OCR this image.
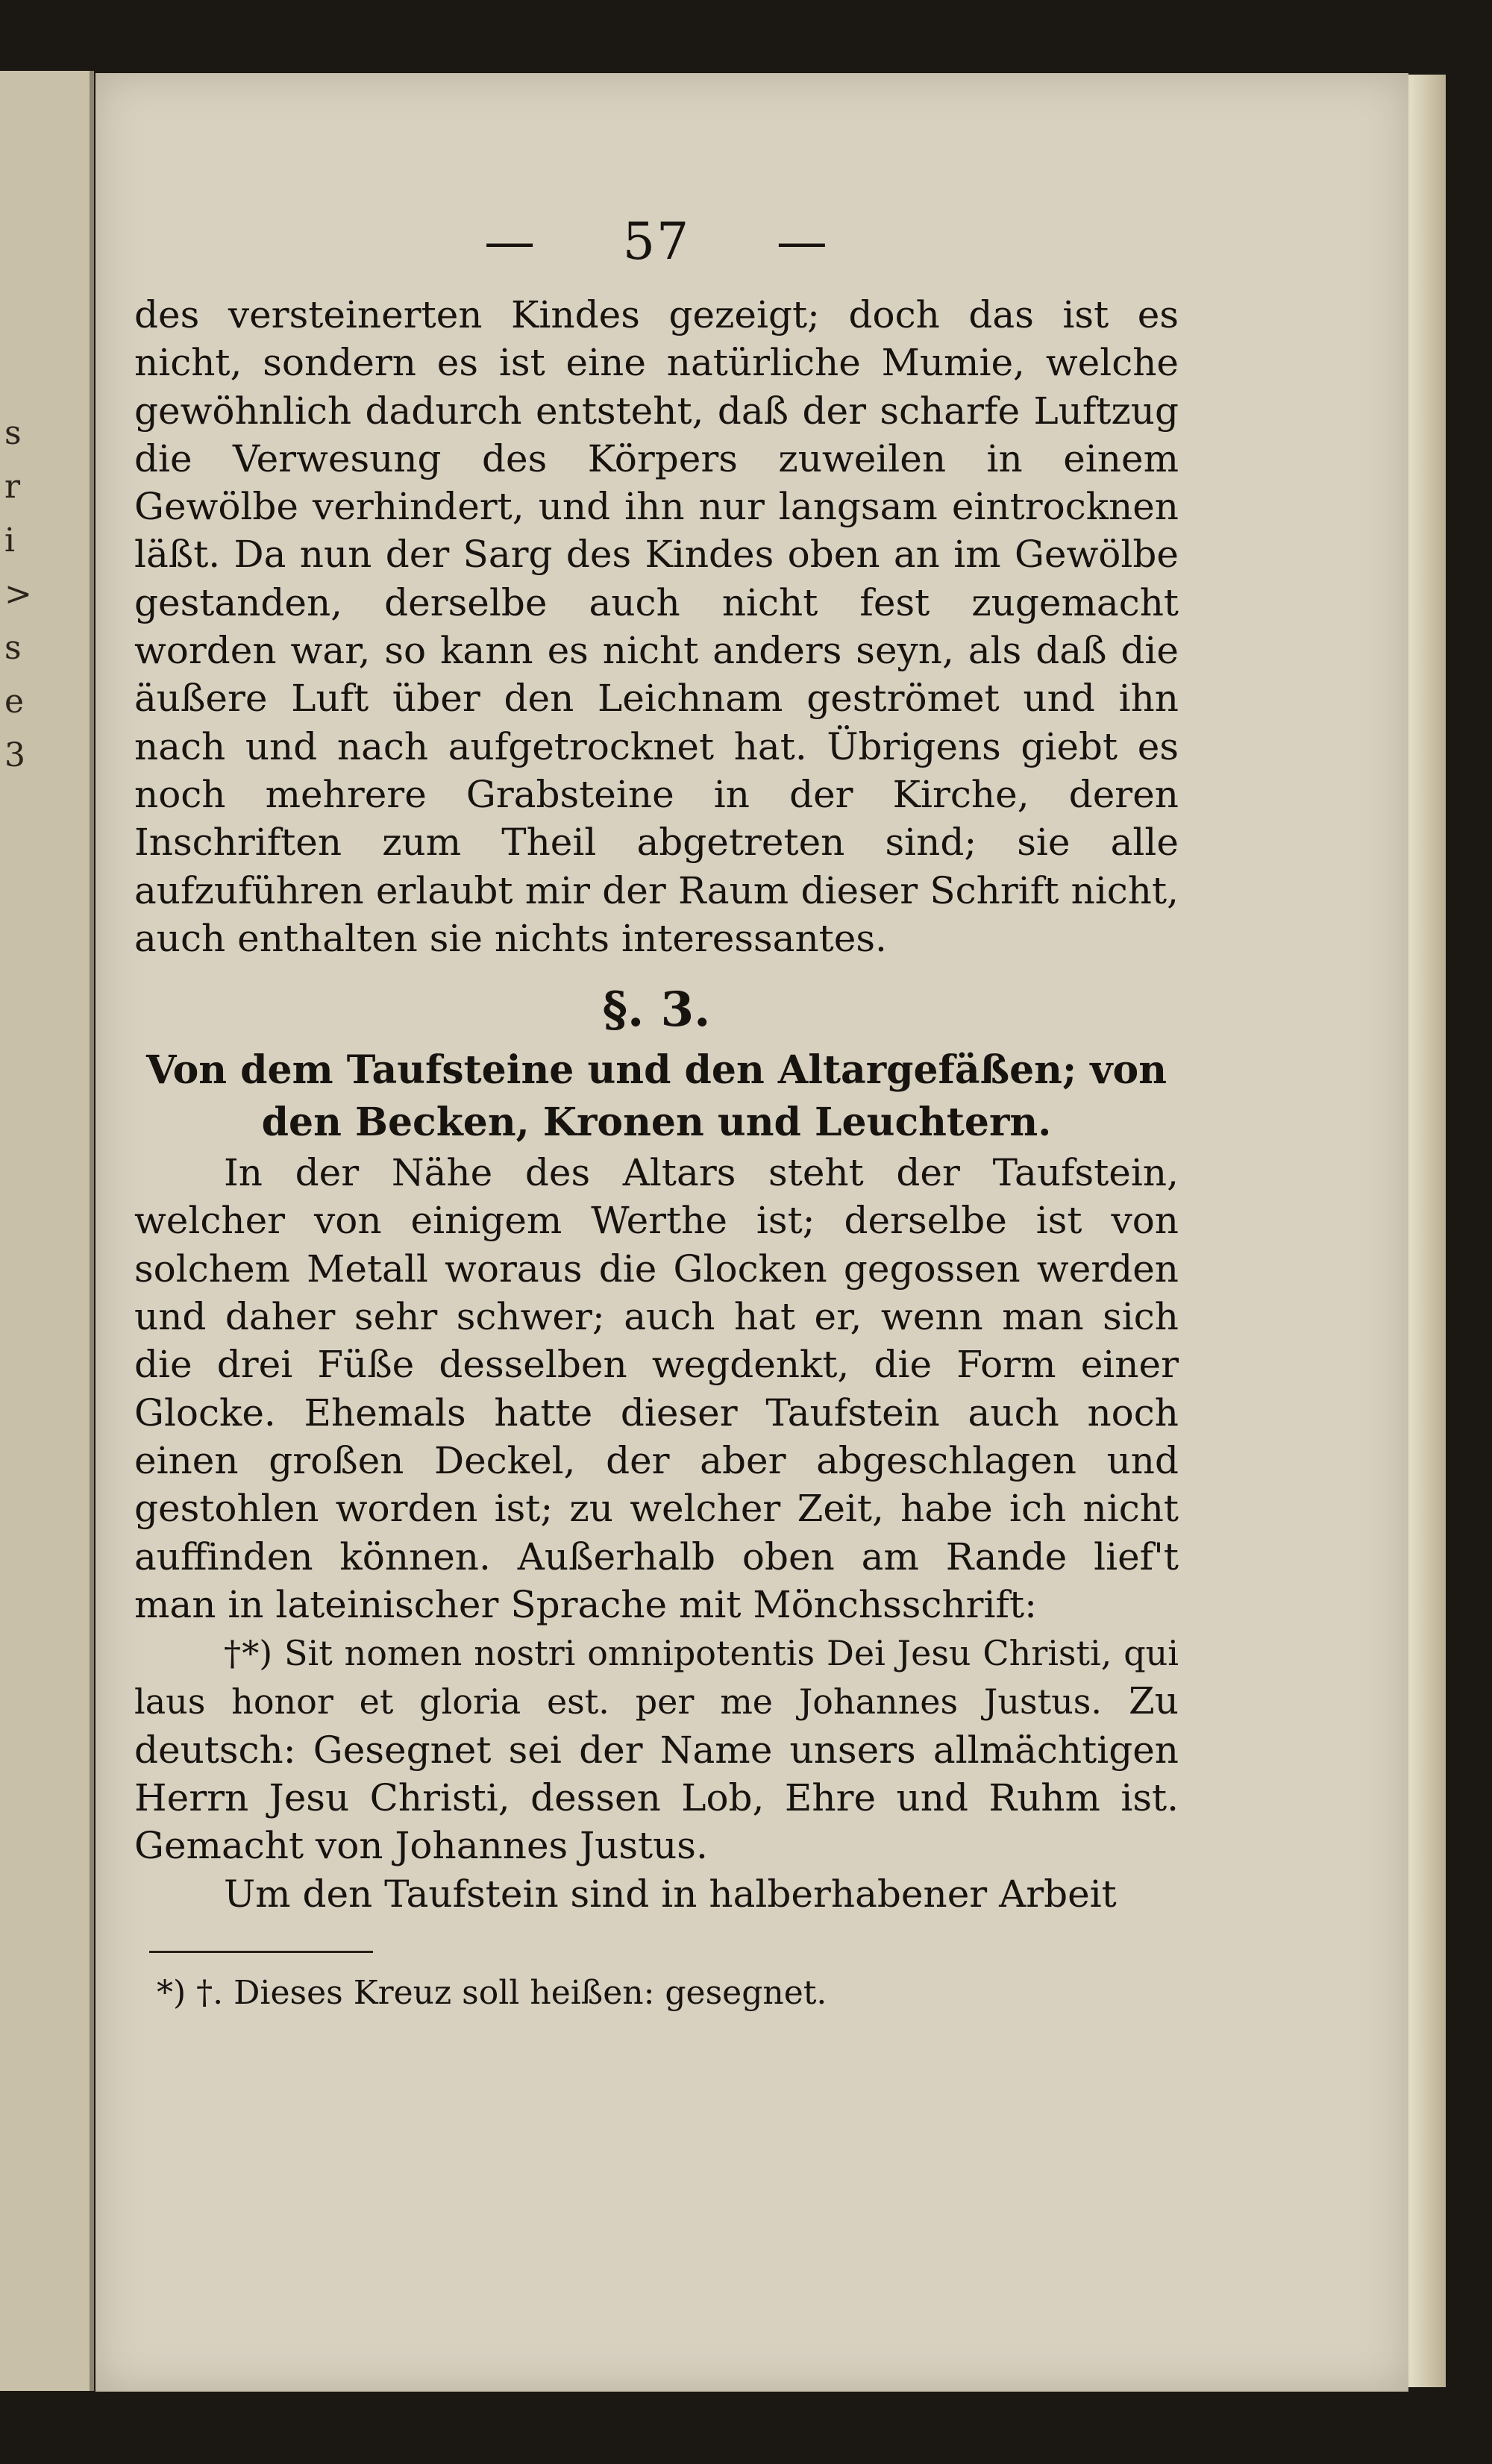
s
r
i
>
s
e
3
— 57 —

des versteinerten Kindes gezeigt; doch das ist es nicht, sondern es ist eine natürliche Mumie, welche gewöhnlich dadurch entsteht, daß der scharfe Luftzug die Verwesung des Körpers zuweilen in einem Gewölbe verhindert, und ihn nur langsam eintrocknen läßt. Da nun der Sarg des Kindes oben an im Gewölbe gestanden, derselbe auch nicht fest zugemacht worden war, so kann es nicht anders seyn, als daß die äußere Luft über den Leichnam geströmet und ihn nach und nach aufgetrocknet hat. Übrigens giebt es noch mehrere Grabsteine in der Kirche, deren Inschriften zum Theil abgetreten sind; sie alle aufzuführen erlaubt mir der Raum dieser Schrift nicht, auch enthalten sie nichts interessantes.

§. 3.
Von dem Taufsteine und den Altargefäßen; von
den Becken, Kronen und Leuchtern.

In der Nähe des Altars steht der Taufstein, welcher von einigem Werthe ist; derselbe ist von solchem Metall woraus die Glocken gegossen werden und daher sehr schwer; auch hat er, wenn man sich die drei Füße desselben wegdenkt, die Form einer Glocke. Ehemals hatte dieser Taufstein auch noch einen großen Deckel, der aber abgeschlagen und gestohlen worden ist; zu welcher Zeit, habe ich nicht auffinden können. Außerhalb oben am Rande lief't man in lateinischer Sprache mit Mönchsschrift:

†*) Sit nomen nostri omnipotentis Dei Jesu Christi, qui laus honor et gloria est. per me Johannes Justus. Zu deutsch: Gesegnet sei der Name unsers allmächtigen Herrn Jesu Christi, dessen Lob, Ehre und Ruhm ist. Gemacht von Johannes Justus.

Um den Taufstein sind in halberhabener Arbeit

*) †. Dieses Kreuz soll heißen: gesegnet.
